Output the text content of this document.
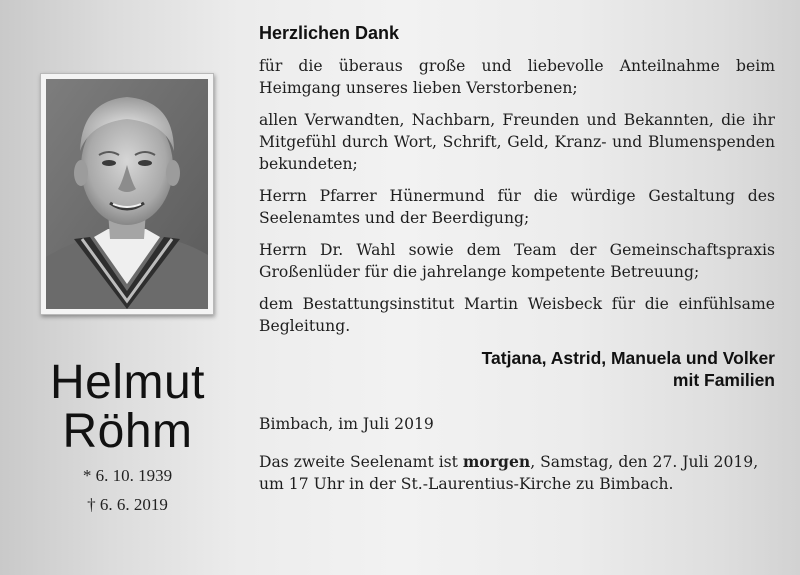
Helmut
Röhm
* 6. 10. 1939
† 6. 6. 2019
Herzlichen Dank

für die überaus große und liebevolle Anteilnahme beim Heimgang unseres lieben Verstorbenen;

allen Verwandten, Nachbarn, Freunden und Bekannten, die ihr Mitgefühl durch Wort, Schrift, Geld, Kranz- und Blumenspenden bekundeten;

Herrn Pfarrer Hünermund für die würdige Gestaltung des Seelenamtes und der Beerdigung;

Herrn Dr. Wahl sowie dem Team der Gemeinschaftspraxis Großenlüder für die jahrelange kompetente Betreuung;

dem Bestattungsinstitut Martin Weisbeck für die einfühlsame Begleitung.

Tatjana, Astrid, Manuela und Volker
mit Familien
Bimbach, im Juli 2019
Das zweite Seelenamt ist morgen, Samstag, den 27. Juli 2019, um 17 Uhr in der St.-Laurentius-Kirche zu Bimbach.
